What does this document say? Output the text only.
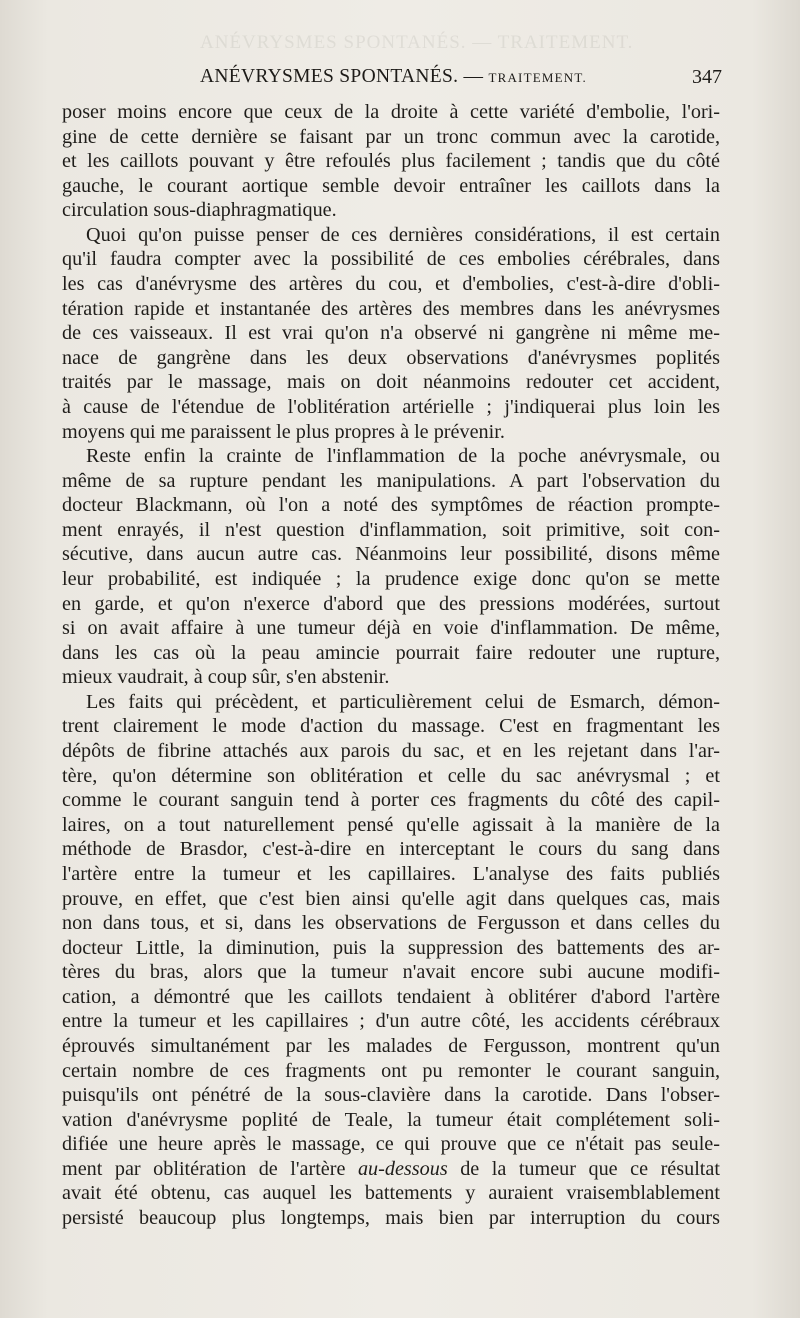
ANÉVRYSMES SPONTANÉS. — TRAITEMENT.
ANÉVRYSMES SPONTANÉS. — TRAITEMENT.	347
poser moins encore que ceux de la droite à cette variété d'embolie, l'ori-
gine de cette dernière se faisant par un tronc commun avec la carotide,
et les caillots pouvant y être refoulés plus facilement ; tandis que du côté
gauche, le courant aortique semble devoir entraîner les caillots dans la
circulation sous-diaphragmatique.
Quoi qu'on puisse penser de ces dernières considérations, il est certain
qu'il faudra compter avec la possibilité de ces embolies cérébrales, dans
les cas d'anévrysme des artères du cou, et d'embolies, c'est-à-dire d'obli-
tération rapide et instantanée des artères des membres dans les anévrysmes
de ces vaisseaux. Il est vrai qu'on n'a observé ni gangrène ni même me-
nace de gangrène dans les deux observations d'anévrysmes poplités
traités par le massage, mais on doit néanmoins redouter cet accident,
à cause de l'étendue de l'oblitération artérielle ; j'indiquerai plus loin les
moyens qui me paraissent le plus propres à le prévenir.
Reste enfin la crainte de l'inflammation de la poche anévrysmale, ou
même de sa rupture pendant les manipulations. A part l'observation du
docteur Blackmann, où l'on a noté des symptômes de réaction prompte-
ment enrayés, il n'est question d'inflammation, soit primitive, soit con-
sécutive, dans aucun autre cas. Néanmoins leur possibilité, disons même
leur probabilité, est indiquée ; la prudence exige donc qu'on se mette
en garde, et qu'on n'exerce d'abord que des pressions modérées, surtout
si on avait affaire à une tumeur déjà en voie d'inflammation. De même,
dans les cas où la peau amincie pourrait faire redouter une rupture,
mieux vaudrait, à coup sûr, s'en abstenir.
Les faits qui précèdent, et particulièrement celui de Esmarch, démon-
trent clairement le mode d'action du massage. C'est en fragmentant les
dépôts de fibrine attachés aux parois du sac, et en les rejetant dans l'ar-
tère, qu'on détermine son oblitération et celle du sac anévrysmal ; et
comme le courant sanguin tend à porter ces fragments du côté des capil-
laires, on a tout naturellement pensé qu'elle agissait à la manière de la
méthode de Brasdor, c'est-à-dire en interceptant le cours du sang dans
l'artère entre la tumeur et les capillaires. L'analyse des faits publiés
prouve, en effet, que c'est bien ainsi qu'elle agit dans quelques cas, mais
non dans tous, et si, dans les observations de Fergusson et dans celles du
docteur Little, la diminution, puis la suppression des battements des ar-
tères du bras, alors que la tumeur n'avait encore subi aucune modifi-
cation, a démontré que les caillots tendaient à oblitérer d'abord l'artère
entre la tumeur et les capillaires ; d'un autre côté, les accidents cérébraux
éprouvés simultanément par les malades de Fergusson, montrent qu'un
certain nombre de ces fragments ont pu remonter le courant sanguin,
puisqu'ils ont pénétré de la sous-clavière dans la carotide. Dans l'obser-
vation d'anévrysme poplité de Teale, la tumeur était complétement soli-
difiée une heure après le massage, ce qui prouve que ce n'était pas seule-
ment par oblitération de l'artère au-dessous de la tumeur que ce résultat
avait été obtenu, cas auquel les battements y auraient vraisemblablement
persisté beaucoup plus longtemps, mais bien par interruption du cours
